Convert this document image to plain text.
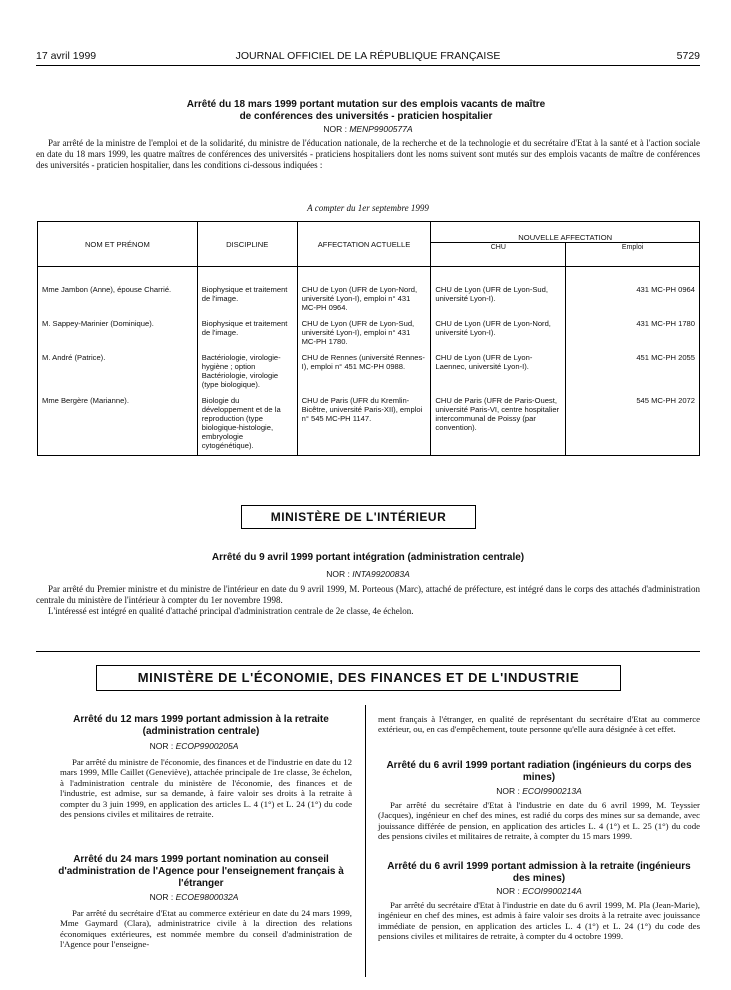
17 avril 1999	JOURNAL OFFICIEL DE LA RÉPUBLIQUE FRANÇAISE	5729
Arrêté du 18 mars 1999 portant mutation sur des emplois vacants de maître de conférences des universités - praticien hospitalier
NOR : MENP9900577A
Par arrêté de la ministre de l'emploi et de la solidarité, du ministre de l'éducation nationale, de la recherche et de la technologie et du secrétaire d'Etat à la santé et à l'action sociale en date du 18 mars 1999, les quatre maîtres de conférences des universités - praticiens hospitaliers dont les noms suivent sont mutés sur des emplois vacants de maître de conférences des universités - praticien hospitalier, dans les conditions ci-dessous indiquées :
A compter du 1er septembre 1999
NOM ET PRÉNOM	DISCIPLINE	AFFECTATION ACTUELLE	NOUVELLE AFFECTATION	
			CHU	Emploi
Mme Jambon (Anne), épouse Charrié.	Biophysique et traitement de l'image.	CHU de Lyon (UFR de Lyon-Nord, université Lyon-I), emploi n° 431 MC-PH 0964.	CHU de Lyon (UFR de Lyon-Sud, université Lyon-I).	431 MC-PH 0964
M. Sappey-Marinier (Dominique).	Biophysique et traitement de l'image.	CHU de Lyon (UFR de Lyon-Sud, université Lyon-I), emploi n° 431 MC-PH 1780.	CHU de Lyon (UFR de Lyon-Nord, université Lyon-I).	431 MC-PH 1780
M. André (Patrice).	Bactériologie, virologie-hygiène ; option Bactériologie, virologie (type biologique).	CHU de Rennes (université Rennes-I), emploi n° 451 MC-PH 0988.	CHU de Lyon (UFR de Lyon-Laennec, université Lyon-I).	451 MC-PH 2055
Mme Bergère (Marianne).	Biologie du développement et de la reproduction (type biologique-histologie, embryologie cytogénétique).	CHU de Paris (UFR du Kremlin-Bicêtre, université Paris-XII), emploi n° 545 MC-PH 1147.	CHU de Paris (UFR de Paris-Ouest, université Paris-VI, centre hospitalier intercommunal de Poissy (par convention).	545 MC-PH 2072
MINISTÈRE DE L'INTÉRIEUR
Arrêté du 9 avril 1999 portant intégration (administration centrale)
NOR : INTA9920083A
Par arrêté du Premier ministre et du ministre de l'intérieur en date du 9 avril 1999, M. Porteous (Marc), attaché de préfecture, est intégré dans le corps des attachés d'administration centrale du ministère de l'intérieur à compter du 1er novembre 1998.
L'intéressé est intégré en qualité d'attaché principal d'administration centrale de 2e classe, 4e échelon.
MINISTÈRE DE L'ÉCONOMIE, DES FINANCES ET DE L'INDUSTRIE
Arrêté du 12 mars 1999 portant admission à la retraite (administration centrale)
NOR : ECOP9900205A
Par arrêté du ministre de l'économie, des finances et de l'industrie en date du 12 mars 1999, Mlle Caillet (Geneviève), attachée principale de 1re classe, 3e échelon, à l'administration centrale du ministère de l'économie, des finances et de l'industrie, est admise, sur sa demande, à faire valoir ses droits à la retraite à compter du 3 juin 1999, en application des articles L. 4 (1°) et L. 24 (1°) du code des pensions civiles et militaires de retraite.
Arrêté du 24 mars 1999 portant nomination au conseil d'administration de l'Agence pour l'enseignement français à l'étranger
NOR : ECOE9800032A
Par arrêté du secrétaire d'Etat au commerce extérieur en date du 24 mars 1999, Mme Gaymard (Clara), administratrice civile à la direction des relations économiques extérieures, est nommée membre du conseil d'administration de l'Agence pour l'enseigne-
ment français à l'étranger, en qualité de représentant du secrétaire d'Etat au commerce extérieur, ou, en cas d'empêchement, toute personne qu'elle aura désignée à cet effet.
Arrêté du 6 avril 1999 portant radiation (ingénieurs du corps des mines)
NOR : ECOI9900213A
Par arrêté du secrétaire d'Etat à l'industrie en date du 6 avril 1999, M. Teyssier (Jacques), ingénieur en chef des mines, est radié du corps des mines sur sa demande, avec jouissance différée de pension, en application des articles L. 4 (1°) et L. 25 (1°) du code des pensions civiles et militaires de retraite, à compter du 15 mars 1999.
Arrêté du 6 avril 1999 portant admission à la retraite (ingénieurs des mines)
NOR : ECOI9900214A
Par arrêté du secrétaire d'Etat à l'industrie en date du 6 avril 1999, M. Pla (Jean-Marie), ingénieur en chef des mines, est admis à faire valoir ses droits à la retraite avec jouissance immédiate de pension, en application des articles L. 4 (1°) et L. 24 (1°) du code des pensions civiles et militaires de retraite, à compter du 4 octobre 1999.
